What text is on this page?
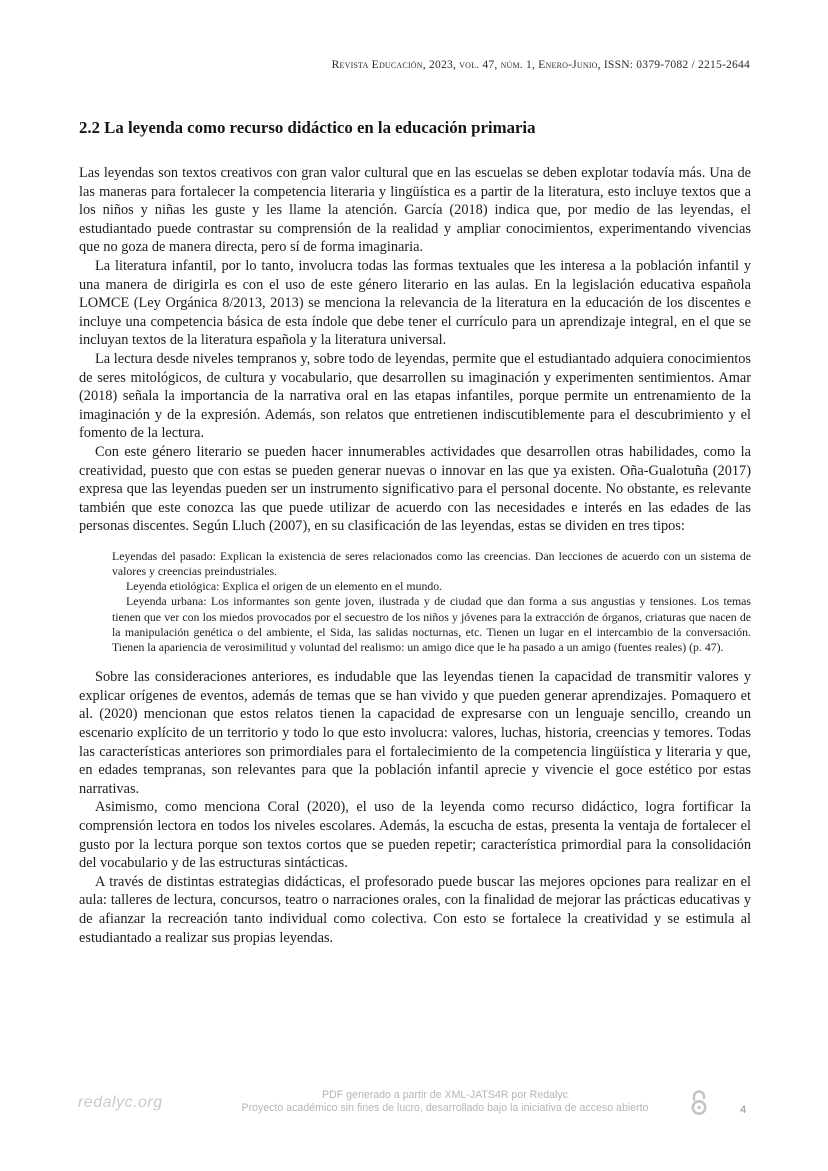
Revista Educación, 2023, vol. 47, núm. 1, Enero-Junio, ISSN: 0379-7082 / 2215-2644
2.2 La leyenda como recurso didáctico en la educación primaria

Las leyendas son textos creativos con gran valor cultural que en las escuelas se deben explotar todavía más. Una de las maneras para fortalecer la competencia literaria y lingüística es a partir de la literatura, esto incluye textos que a los niños y niñas les guste y les llame la atención. García (2018) indica que, por medio de las leyendas, el estudiantado puede contrastar su comprensión de la realidad y ampliar conocimientos, experimentando vivencias que no goza de manera directa, pero sí de forma imaginaria.

La literatura infantil, por lo tanto, involucra todas las formas textuales que les interesa a la población infantil y una manera de dirigirla es con el uso de este género literario en las aulas. En la legislación educativa española LOMCE (Ley Orgánica 8/2013, 2013) se menciona la relevancia de la literatura en la educación de los discentes e incluye una competencia básica de esta índole que debe tener el currículo para un aprendizaje integral, en el que se incluyan textos de la literatura española y la literatura universal.

La lectura desde niveles tempranos y, sobre todo de leyendas, permite que el estudiantado adquiera conocimientos de seres mitológicos, de cultura y vocabulario, que desarrollen su imaginación y experimenten sentimientos. Amar (2018) señala la importancia de la narrativa oral en las etapas infantiles, porque permite un entrenamiento de la imaginación y de la expresión. Además, son relatos que entretienen indiscutiblemente para el descubrimiento y el fomento de la lectura.

Con este género literario se pueden hacer innumerables actividades que desarrollen otras habilidades, como la creatividad, puesto que con estas se pueden generar nuevas o innovar en las que ya existen. Oña-Gualotuña (2017) expresa que las leyendas pueden ser un instrumento significativo para el personal docente. No obstante, es relevante también que este conozca las que puede utilizar de acuerdo con las necesidades e interés en las edades de las personas discentes. Según Lluch (2007), en su clasificación de las leyendas, estas se dividen en tres tipos:

Leyendas del pasado: Explican la existencia de seres relacionados como las creencias. Dan lecciones de acuerdo con un sistema de valores y creencias preindustriales.

Leyenda etiológica: Explica el origen de un elemento en el mundo.

Leyenda urbana: Los informantes son gente joven, ilustrada y de ciudad que dan forma a sus angustias y tensiones. Los temas tienen que ver con los miedos provocados por el secuestro de los niños y jóvenes para la extracción de órganos, criaturas que nacen de la manipulación genética o del ambiente, el Sida, las salidas nocturnas, etc. Tienen un lugar en el intercambio de la conversación. Tienen la apariencia de verosimilitud y voluntad del realismo: un amigo dice que le ha pasado a un amigo (fuentes reales) (p. 47).

Sobre las consideraciones anteriores, es indudable que las leyendas tienen la capacidad de transmitir valores y explicar orígenes de eventos, además de temas que se han vivido y que pueden generar aprendizajes. Pomaquero et al. (2020) mencionan que estos relatos tienen la capacidad de expresarse con un lenguaje sencillo, creando un escenario explícito de un territorio y todo lo que esto involucra: valores, luchas, historia, creencias y temores. Todas las características anteriores son primordiales para el fortalecimiento de la competencia lingüística y literaria y que, en edades tempranas, son relevantes para que la población infantil aprecie y vivencie el goce estético por estas narrativas.

Asimismo, como menciona Coral (2020), el uso de la leyenda como recurso didáctico, logra fortificar la comprensión lectora en todos los niveles escolares. Además, la escucha de estas, presenta la ventaja de fortalecer el gusto por la lectura porque son textos cortos que se pueden repetir; característica primordial para la consolidación del vocabulario y de las estructuras sintácticas.

A través de distintas estrategias didácticas, el profesorado puede buscar las mejores opciones para realizar en el aula: talleres de lectura, concursos, teatro o narraciones orales, con la finalidad de mejorar las prácticas educativas y de afianzar la recreación tanto individual como colectiva. Con esto se fortalece la creatividad y se estimula al estudiantado a realizar sus propias leyendas.

redalyc.org	PDF generado a partir de XML-JATS4R por Redalyc
Proyecto académico sin fines de lucro, desarrollado bajo la iniciativa de acceso abierto	4
